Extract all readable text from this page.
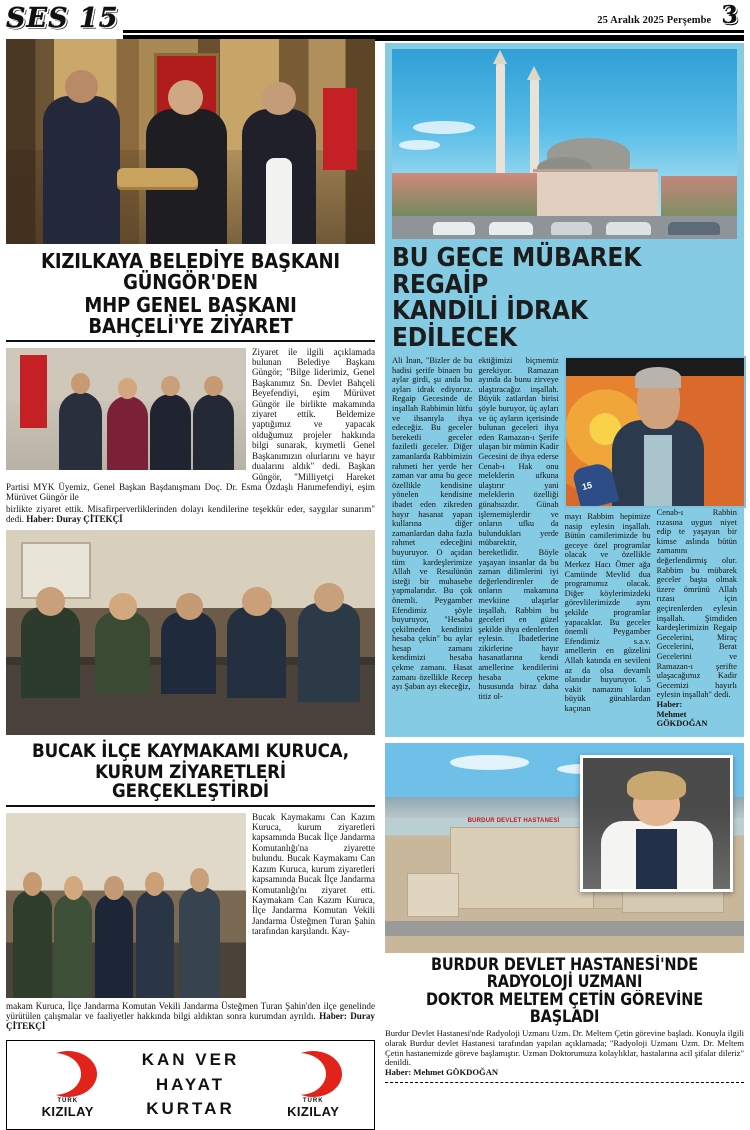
SES 15	25 Aralık 2025 Perşembe 3
KIZILKAYA BELEDİYE BAŞKANI GÜNGÖR'DEN
MHP GENEL BAŞKANI BAHÇELİ'YE ZİYARET
Ziyaret ile ilgili açıklamada bulunan Belediye Başkanı Güngör; "Bilge liderimiz, Genel Başkanımız Sn. Devlet Bahçeli Beyefendiyi, eşim Mürüvet Güngör ile birlikte makamında ziyaret ettik. Beldemize yaptığımız ve yapacak olduğumuz projeler hakkında bilgi sunarak, kıymetli Genel Başkanımızın olurlarını ve hayır dualarını aldık" dedi. Başkan Güngör, "Milliyetçi Hareket Partisi MYK Üyemiz, Genel Başkan Başdanışmanı Doç. Dr. Esma Özdaşlı Hanımefendiyi, eşim Mürüvet Güngör ile
birlikte ziyaret ettik. Misafirperverliklerinden dolayı kendilerine teşekkür eder, saygılar sunarım" dedi. Haber: Duray ÇİTEKÇİ
BUCAK İLÇE KAYMAKAMI KURUCA,
KURUM ZİYARETLERİ GERÇEKLEŞTİRDİ
Bucak Kaymakamı Can Kazım Kuruca, kurum ziyaretleri kapsamında Bucak İlçe Jandarma Komutanlığı'na ziyarette bulundu. Bucak Kaymakamı Can Kazım Kuruca, kurum ziyaretleri kapsamında Bucak İlçe Jandarma Komutanlığı'nı ziyaret etti. Kaymakam Can Kazım Kuruca, İlçe Jandarma Komutan Vekili Jandarma Üsteğmen Turan Şahin tarafından karşılandı. Kay-
makam Kuruca, İlçe Jandarma Komutan Vekili Jandarma Üsteğmen Turan Şahin'den ilçe genelinde yürütülen çalışmalar ve faaliyetler hakkında bilgi aldıktan sonra kurumdan ayrıldı. Haber: Duray ÇİTEKÇİ
TÜRK
KIZILAY
KAN VER
HAYAT
KURTAR	TÜRK
KIZILAY
BU GECE MÜBAREK REGAİP
KANDİLİ İDRAK EDİLECEK
Ali İnan, "Bizler de bu hadisi şerife binaen bu aylar girdi, şu anda bu ayları idrak ediyoruz. Regaip Gecesinde de inşallah Rabbimin lütfu ve ihsanıyla ihya edeceğiz. Bu geceler bereketli geceler faziletli geceler. Diğer zamanlarda Rabbimizin rahmeti her yerde her zaman var ama bu gece özellikle kendisine yönelen kendisine ibadet eden zikreden hayır hasanat yapan kullarına diğer zamanlardan daha fazla rahmet edeceğini buyuruyor. O açıdan tüm kardeşlerimize Allah ve Resulünün isteği bir muhasebe yapmalarıdır. Bu çok önemli. Peygamber Efendimiz şöyle buyuruyor, "Hesaba çekilmeden kendinizi hesaba çekin" bu aylar hesap zamanı kendimizi hesaba çekme zamanı. Hasat zamanı özellikle Recep ayı Şaban ayı ekeceğiz,
ektiğimizi biçmemiz gerekiyor. Ramazan ayında da bunu zirveye ulaştıracağız inşallah. Büyük zatlardan birisi şöyle buruyor, üç ayları ve üç ayların içerisinde bulunan geceleri ihya eden Ramazan-ı Şerife ulaşan bir mümin Kadir Gecesini de ihya ederse Cenab-ı Hak onu meleklerin ufkuna ulaştırır yani meleklerin özelliği günahsızdır. Günah işlememişlerdir ve onların ufku da bulundukları yerde mübarektir, bereketlidir. Böyle yaşayan insanlar da bu zaman dilimlerini iyi değerlendirenler de onların makamına mevkiine ulaşırlar inşallah. Rabbim bu geceleri en güzel şekilde ihya edenlerden eylesin. İbadetlerine zikirlerine hayır hasanatlarına kendi amellerine kendilerini hesaba çekme hususunda biraz daha titiz ol-
15
mayı Rabbim hepimize nasip eylesin inşallah. Bütün camilerimizde bu geceye özel programlar olacak ve özellikle Merkez Hacı Ömer ağa Camiinde Mevlid dua programımız olacak. Diğer köylerimizdeki görevlilerimizde aynı şekilde programlar yapacaklar. Bu geceler önemli Peygamber Efendimiz s.a.v. amellerin en güzelini Allah katında en sevileni az da olsa devamlı olanıdır buyuruyor. 5 vakit namazını kılan büyük günahlardan kaçınan
Cenab-ı Rabbin rızasına uygun niyet edip te yaşayan bir kimse aslında bütün zamanını değerlendirmiş olur. Rabbim bu mübarek geceler başta olmak üzere ömrünü Allah rızası için geçirenlerden eylesin inşallah. Şimdiden kardeşlerimizin Regaip Gecelerini, Miraç Gecelerini, Berat Gecelerini ve Ramazan-ı şerifte ulaşacağımız Kadir Gecemizi hayırlı eylesin inşallah" dedi.
Haber:
Mehmet
GÖKDOĞAN
BURDUR DEVLET HASTANESİ
BURDUR DEVLET HASTANESİ'NDE RADYOLOJİ UZMANI
DOKTOR MELTEM ÇETİN GÖREVİNE BAŞLADI
Burdur Devlet Hastanesi'nde Radyoloji Uzmanı Uzm. Dr. Meltem Çetin görevine başladı. Konuyla ilgili olarak Burdur devlet Hastanesi tarafından yapılan açıklamada; "Radyoloji Uzmanı Uzm. Dr. Meltem Çetin hastanemizde göreve başlamıştır. Uzman Doktorumuza kolaylıklar, hastalarına acil şifalar dileriz" denildi.
Haber: Mehmet GÖKDOĞAN
